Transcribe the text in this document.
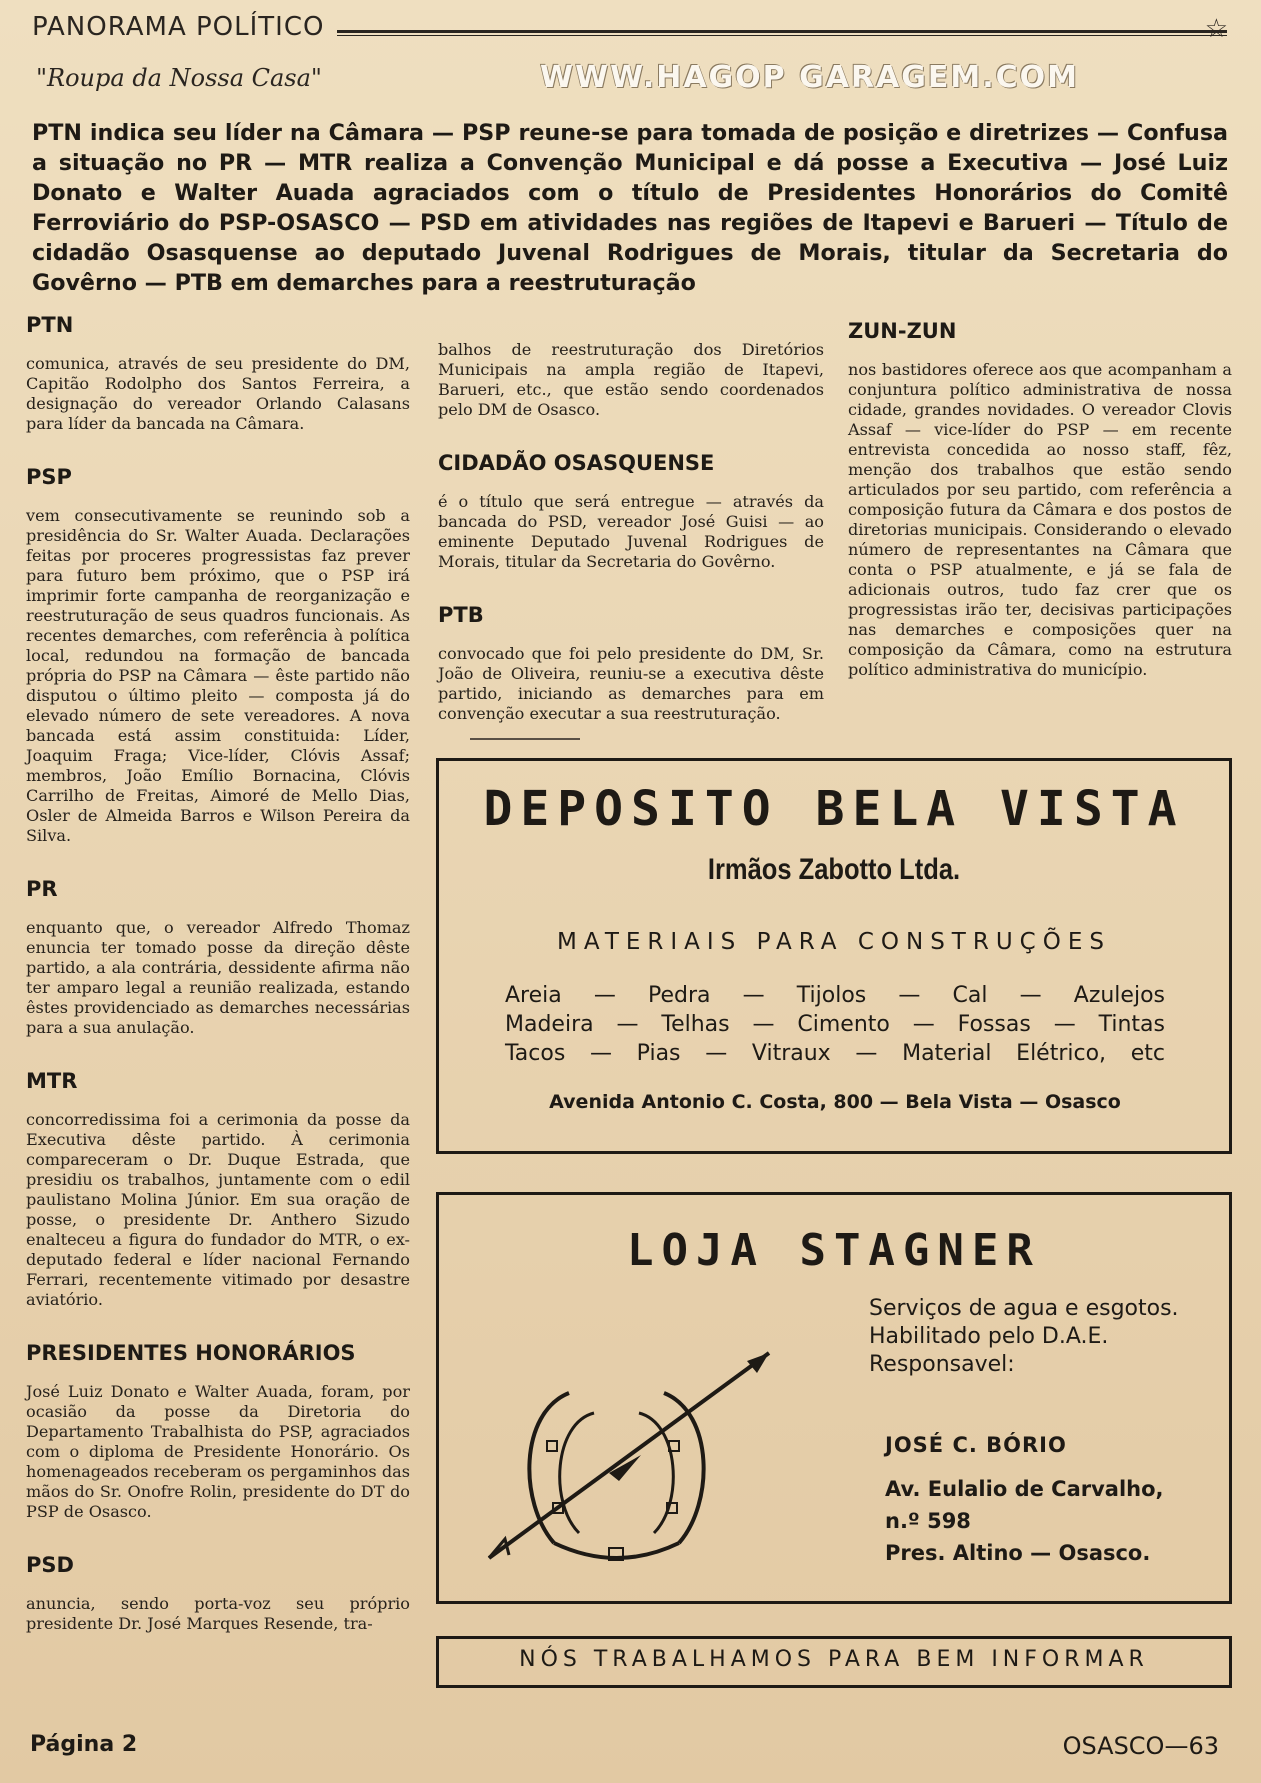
PANORAMA POLÍTICO	☆
"Roupa da Nossa Casa"	WWW.HAGOP GARAGEM.COM
PTN indica seu líder na Câmara — PSP reune-se para tomada de posição e diretrizes — Confusa a situação no PR — MTR realiza a Convenção Municipal e dá posse a Executiva — José Luiz Donato e Walter Auada agraciados com o título de Presidentes Honorários do Comitê Ferroviário do PSP-OSASCO — PSD em atividades nas regiões de Itapevi e Barueri — Título de cidadão Osasquense ao deputado Juvenal Rodrigues de Morais, titular da Secretaria do Govêrno — PTB em demarches para a reestruturação
PTN

comunica, através de seu presidente do DM, Capitão Rodolpho dos Santos Ferreira, a designação do vereador Orlando Calasans para líder da bancada na Câmara.

PSP

vem consecutivamente se reunindo sob a presidência do Sr. Walter Auada. Declarações feitas por proceres progressistas faz prever para futuro bem próximo, que o PSP irá imprimir forte campanha de reorganização e reestruturação de seus quadros funcionais. As recentes demarches, com referência à política local, redundou na formação de bancada própria do PSP na Câmara — êste partido não disputou o último pleito — composta já do elevado número de sete vereadores. A nova bancada está assim constituida: Líder, Joaquim Fraga; Vice-líder, Clóvis Assaf; membros, João Emílio Bornacina, Clóvis Carrilho de Freitas, Aimoré de Mello Dias, Osler de Almeida Barros e Wilson Pereira da Silva.

PR

enquanto que, o vereador Alfredo Thomaz enuncia ter tomado posse da direção dêste partido, a ala contrária, dessidente afirma não ter amparo legal a reunião realizada, estando êstes providenciado as demarches necessárias para a sua anulação.

MTR

concorredissima foi a cerimonia da posse da Executiva dêste partido. À cerimonia compareceram o Dr. Duque Estrada, que presidiu os trabalhos, juntamente com o edil paulistano Molina Júnior. Em sua oração de posse, o presidente Dr. Anthero Sizudo enalteceu a figura do fundador do MTR, o ex-deputado federal e líder nacional Fernando Ferrari, recentemente vitimado por desastre aviatório.

PRESIDENTES HONORÁRIOS

José Luiz Donato e Walter Auada, foram, por ocasião da posse da Diretoria do Departamento Trabalhista do PSP, agraciados com o diploma de Presidente Honorário. Os homenageados receberam os pergaminhos das mãos do Sr. Onofre Rolin, presidente do DT do PSP de Osasco.

PSD

anuncia, sendo porta-voz seu próprio presidente Dr. José Marques Resende, tra-

balhos de reestruturação dos Diretórios Municipais na ampla região de Itapevi, Barueri, etc., que estão sendo coordenados pelo DM de Osasco.

CIDADÃO OSASQUENSE

é o título que será entregue — através da bancada do PSD, vereador José Guisi — ao eminente Deputado Juvenal Rodrigues de Morais, titular da Secretaria do Govêrno.

PTB

convocado que foi pelo presidente do DM, Sr. João de Oliveira, reuniu-se a executiva dêste partido, iniciando as demarches para em convenção executar a sua reestruturação.

ZUN-ZUN

nos bastidores oferece aos que acompanham a conjuntura político administrativa de nossa cidade, grandes novidades. O vereador Clovis Assaf — vice-líder do PSP — em recente entrevista concedida ao nosso staff, fêz, menção dos trabalhos que estão sendo articulados por seu partido, com referência a composição futura da Câmara e dos postos de diretorias municipais. Considerando o elevado número de representantes na Câmara que conta o PSP atualmente, e já se fala de adicionais outros, tudo faz crer que os progressistas irão ter, decisivas participações nas demarches e composições quer na composição da Câmara, como na estrutura político administrativa do município.

DEPOSITO BELA VISTA
Irmãos Zabotto Ltda.
MATERIAIS PARA CONSTRUÇÕES
Areia — Pedra — Tijolos — Cal — Azulejos
Madeira — Telhas — Cimento — Fossas — Tintas
Tacos — Pias — Vitraux — Material Elétrico, etc
Avenida Antonio C. Costa, 800 — Bela Vista — Osasco
LOJA STAGNER
Serviços de agua e esgotos.
Habilitado pelo D.A.E.
Responsavel:
JOSÉ C. BÓRIO
Av. Eulalio de Carvalho, n.º 598
Pres. Altino — Osasco.
NÓS TRABALHAMOS PARA BEM INFORMAR
Página 2	OSASCO—63
